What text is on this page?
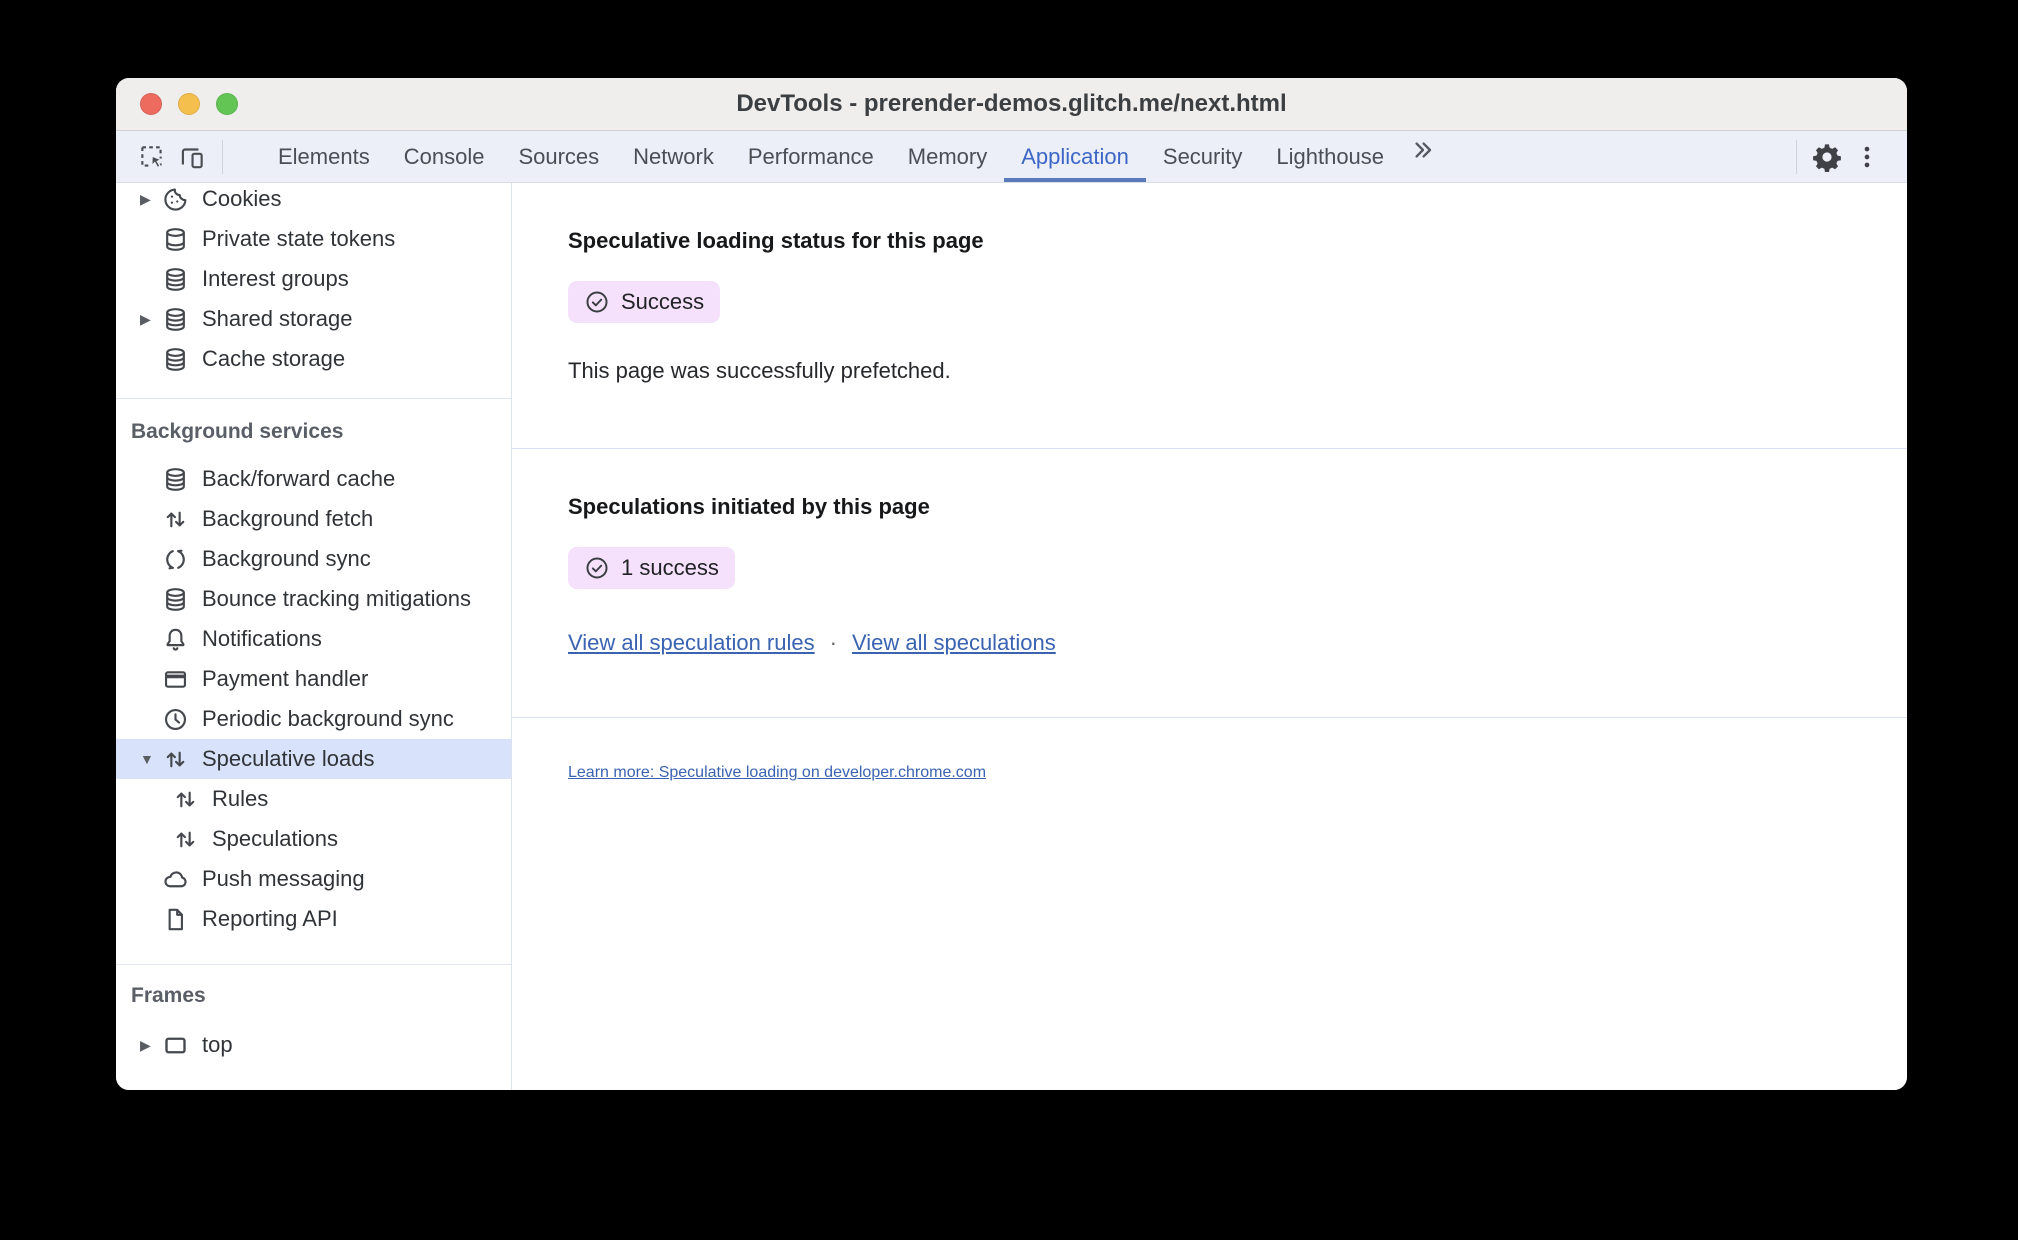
DevTools - prerender-demos.glitch.me/next.html
Elements	Console	Sources	Network	Performance	Memory	Application	Security	Lighthouse
▶	Cookies
Private state tokens
Interest groups
▶	Shared storage
Cache storage
Background services
Back/forward cache
Background fetch
Background sync
Bounce tracking mitigations
Notifications
Payment handler
Periodic background sync
▼	Speculative loads
Rules
Speculations
Push messaging
Reporting API
Frames
▶	top
Speculative loading status for this page
Success

This page was successfully prefetched.

Speculations initiated by this page
1 success
View all speculation rules · View all speculations
Learn more: Speculative loading on developer.chrome.com
